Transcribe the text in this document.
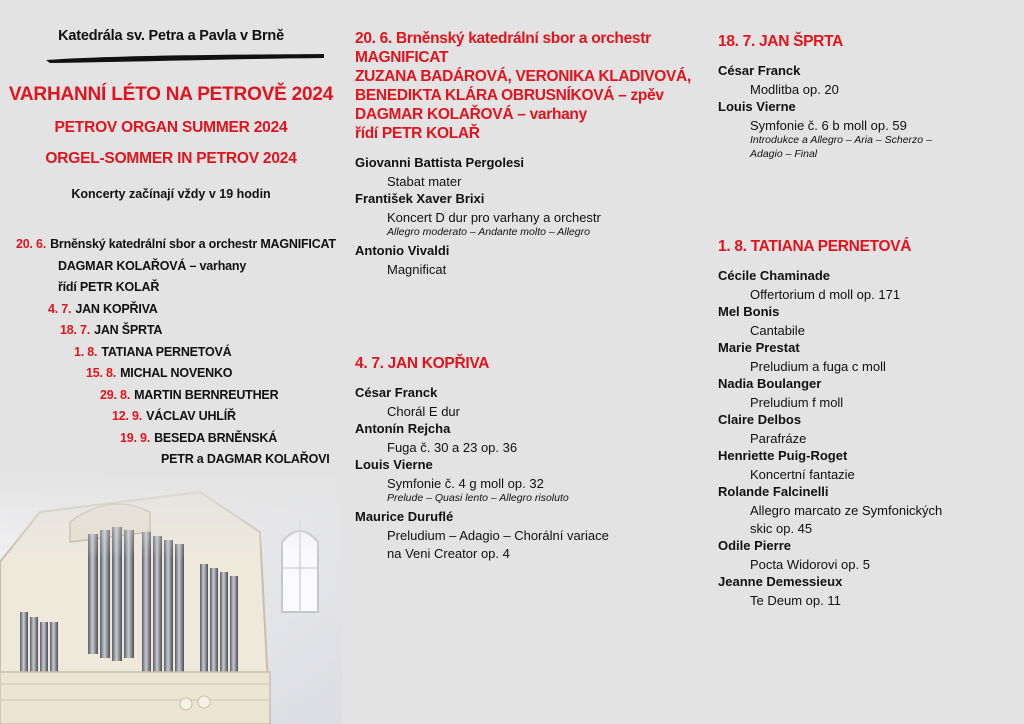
Katedrála sv. Petra a Pavla v Brně
VARHANNÍ LÉTO NA PETROVĚ 2024
PETROV ORGAN SUMMER 2024
ORGEL-SOMMER IN PETROV 2024
Koncerty začínají vždy v 19 hodin
20. 6. Brněnský katedrální sbor a orchestr MAGNIFICAT
DAGMAR KOLAŘOVÁ – varhany
řídí PETR KOLAŘ
4. 7. JAN KOPŘIVA
18. 7. JAN ŠPRTA
1. 8. TATIANA PERNETOVÁ
15. 8. MICHAL NOVENKO
29. 8. MARTIN BERNREUTHER
12. 9. VÁCLAV UHLÍŘ
19. 9. BESEDA BRNĚNSKÁ
PETR a DAGMAR KOLAŘOVI
20. 6. Brněnský katedrální sbor a orchestr
MAGNIFICAT
ZUZANA BADÁROVÁ, VERONIKA KLADIVOVÁ,
BENEDIKTA KLÁRA OBRUSNÍKOVÁ – zpěv
DAGMAR KOLAŘOVÁ – varhany
řídí PETR KOLAŘ
Giovanni Battista Pergolesi
Stabat mater
František Xaver Brixi
Koncert D dur pro varhany a orchestr
Allegro moderato – Andante molto – Allegro
Antonio Vivaldi
Magnificat
4. 7. JAN KOPŘIVA
César Franck
Chorál E dur
Antonín Rejcha
Fuga č. 30 a 23 op. 36
Louis Vierne
Symfonie č. 4 g moll op. 32
Prelude – Quasi lento – Allegro risoluto
Maurice Duruflé
Preludium – Adagio – Chorální variace
na Veni Creator op. 4
18. 7. JAN ŠPRTA
César Franck
Modlitba op. 20
Louis Vierne
Symfonie č. 6 b moll op. 59
Introdukce a Allegro – Aria – Scherzo –
Adagio – Final
1. 8. TATIANA PERNETOVÁ
Cécile Chaminade
Offertorium d moll op. 171
Mel Bonis
Cantabile
Marie Prestat
Preludium a fuga c moll
Nadia Boulanger
Preludium f moll
Claire Delbos
Parafráze
Henriette Puig-Roget
Koncertní fantazie
Rolande Falcinelli
Allegro marcato ze Symfonických
skic op. 45
Odile Pierre
Pocta Widorovi op. 5
Jeanne Demessieux
Te Deum op. 11
